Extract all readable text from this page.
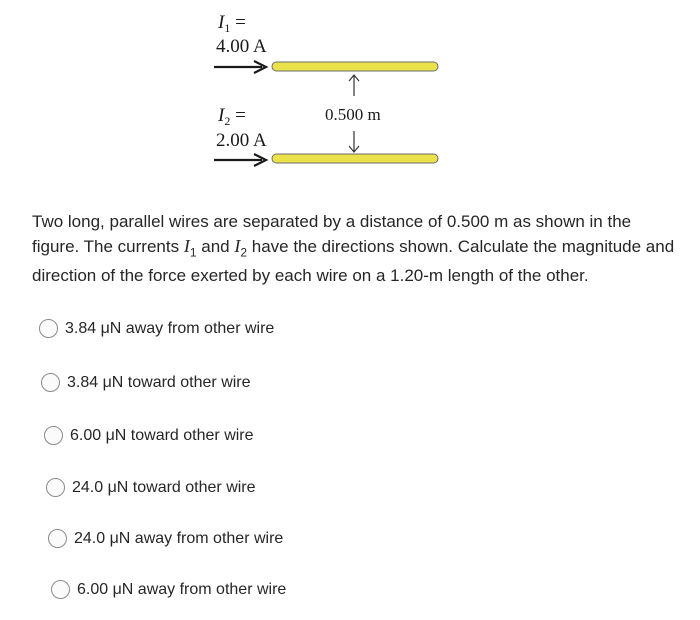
$I_1$ =
4.00 A
0.500 m
$I_2$ =
2.00 A

Two long, parallel wires are separated by a distance of 0.500 m as shown in the figure. The currents $I_1$ and $I_2$ have the directions shown. Calculate the magnitude and direction of the force exerted by each wire on a 1.20-m length of the other.

3.84 μN away from other wire
3.84 μN toward other wire
6.00 μN toward other wire
24.0 μN toward other wire
24.0 μN away from other wire
6.00 μN away from other wire
